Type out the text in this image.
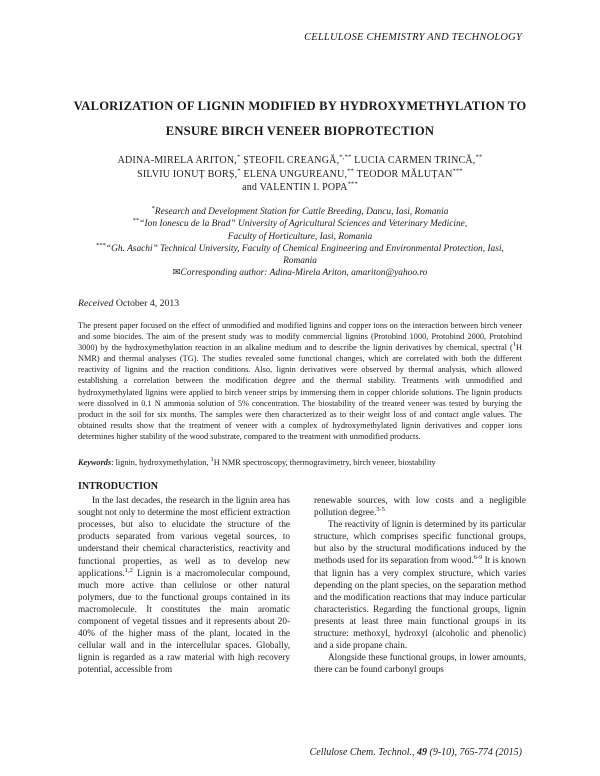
CELLULOSE CHEMISTRY AND TECHNOLOGY
VALORIZATION OF LIGNIN MODIFIED BY HYDROXYMETHYLATION TO
ENSURE BIRCH VENEER BIOPROTECTION
ADINA-MIRELA ARITON,* ȘTEOFIL CREANGĂ,*,** LUCIA CARMEN TRINCĂ,**
SILVIU IONUȚ BORȘ,* ELENA UNGUREANU,** TEODOR MĂLUȚAN***
and VALENTIN I. POPA***
*Research and Development Station for Cattle Breeding, Dancu, Iasi, Romania
**“Ion Ionescu de la Brad” University of Agricultural Sciences and Veterinary Medicine,
Faculty of Horticulture, Iasi, Romania
***“Gh. Asachi” Technical University, Faculty of Chemical Engineering and Environmental Protection, Iasi,
Romania
✉Corresponding author: Adina-Mirela Ariton, amariton@yahoo.ro
Received October 4, 2013
The present paper focused on the effect of unmodified and modified lignins and copper ions on the interaction between birch veneer and some biocides. The aim of the present study was to modify commercial lignins (Protobind 1000, Protobind 2000, Protobind 3000) by the hydroxymethylation reaction in an alkaline medium and to describe the lignin derivatives by chemical, spectral ($^1$H NMR) and thermal analyses (TG). The studies revealed some functional changes, which are correlated with both the different reactivity of lignins and the reaction conditions. Also, lignin derivatives were observed by thermal analysis, which allowed establishing a correlation between the modification degree and the thermal stability. Treatments with unmodified and hydroxymethylated lignins were applied to birch veneer strips by immersing them in copper chloride solutions. The lignin products were dissolved in 0.1 N ammonia solution of 5% concentration. The biostability of the treated veneer was tested by burying the product in the soil for six months. The samples were then characterized as to their weight loss of and contact angle values. The obtained results show that the treatment of veneer with a complex of hydroxymethylated lignin derivatives and copper ions determines higher stability of the wood substrate, compared to the treatment with unmodified products.
Keywords: lignin, hydroxymethylation, $^1$H NMR spectroscopy, thermogravimetry, birch veneer, biostability
INTRODUCTION

In the last decades, the research in the lignin area has sought not only to determine the most efficient extraction processes, but also to elucidate the structure of the products separated from various vegetal sources, to understand their chemical characteristics, reactivity and functional properties, as well as to develop new applications.$^{1,2}$ Lignin is a macromolecular compound, much more active than cellulose or other natural polymers, due to the functional groups contained in its macromolecule. It constitutes the main aromatic component of vegetal tissues and it represents about 20-40% of the higher mass of the plant, located in the cellular wall and in the intercellular spaces. Globally, lignin is regarded as a raw material with high recovery potential, accessible from

renewable sources, with low costs and a negligible pollution degree.$^{3-5}$

The reactivity of lignin is determined by its particular structure, which comprises specific functional groups, but also by the structural modifications induced by the methods used for its separation from wood.$^{6-9}$ It is known that lignin has a very complex structure, which varies depending on the plant species, on the separation method and the modification reactions that may induce particular characteristics. Regarding the functional groups, lignin presents at least three main functional groups in its structure: methoxyl, hydroxyl (alcoholic and phenolic) and a side propane chain.

Alongside these functional groups, in lower amounts, there can be found carbonyl groups

Cellulose Chem. Technol., 49 (9-10), 765-774 (2015)
